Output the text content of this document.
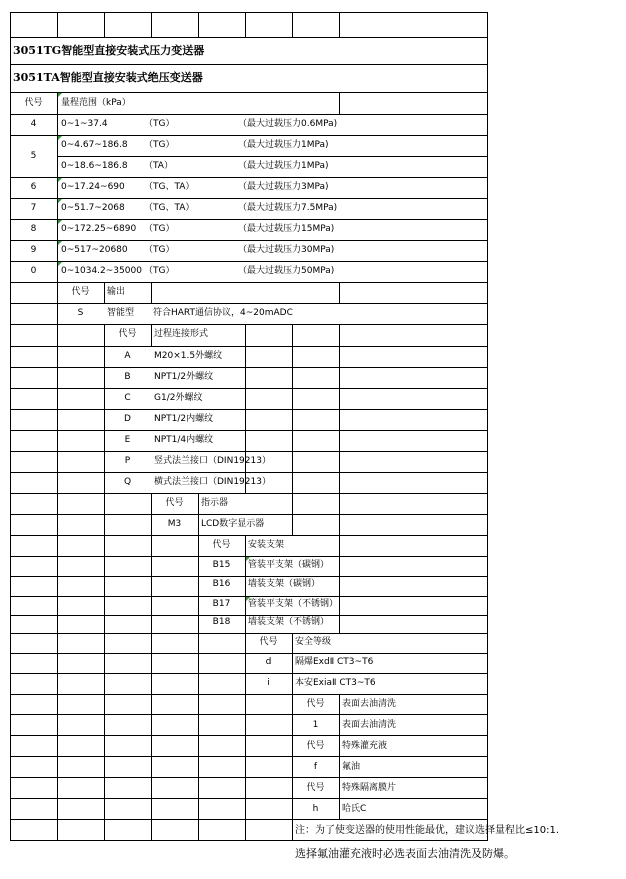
3051TG智能型直接安装式压力变送器
3051TA智能型直接安装式绝压变送器
代号	量程范围（kPa）
4	0~1~37.4	（TG）	（最大过载压力0.6MPa)
5
0~4.67~186.8 （TG）	（最大过载压力1MPa)
0~18.6~186.8 （TA）	（最大过载压力1MPa)
6	0~17.24~690 （TG、TA）	（最大过载压力3MPa)
7	0~51.7~2068 （TG、TA）	（最大过载压力7.5MPa)
8	0~172.25~6890 （TG）	（最大过载压力15MPa)
9	0~517~20680 （TG）	（最大过载压力30MPa)
0	0~1034.2~35000 （TG）	（最大过载压力50MPa)
代号	输出
S	智能型 符合HART通信协议，4~20mADC
代号	过程连接形式
A	M20×1.5外螺纹
B	NPT1/2外螺纹
C	G1/2外螺纹
D	NPT1/2内螺纹
E	NPT1/4内螺纹
P	竖式法兰接口（DIN19213）
Q	横式法兰接口（DIN19213）
代号	指示器
M3	LCD数字显示器
代号	安装支架
B15	管装平支架（碳钢）
B16	墙装支架（碳钢）
B17	管装平支架（不锈钢）
B18	墙装支架（不锈钢）
代号	安全等级
d	隔爆ExdⅡ CT3~T6
i	本安ExiaⅡ CT3~T6
代号	表面去油清洗
1	表面去油清洗
代号	特殊灌充液
f	氟油
代号	特殊隔离膜片
h	哈氏C
注：为了使变送器的使用性能最优，建议选择量程比≤10:1.
选择氟油灌充液时必选表面去油清洗及防爆。
